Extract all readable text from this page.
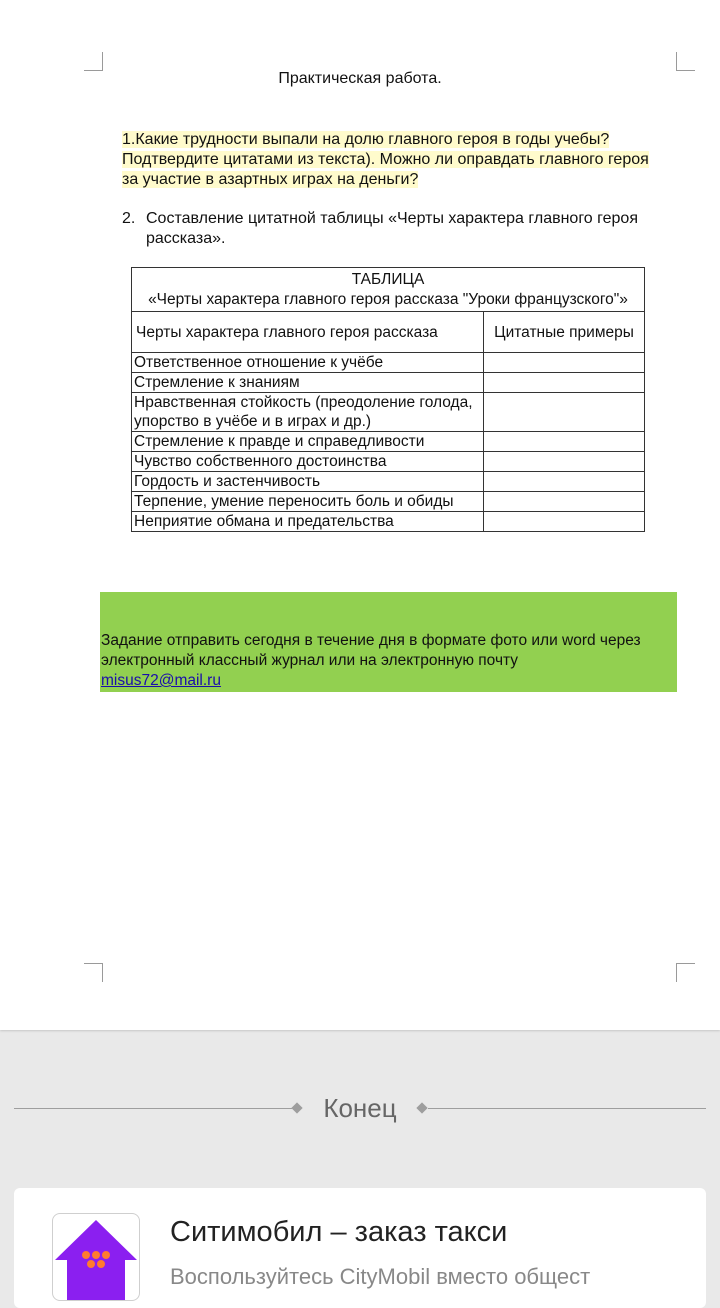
Практическая работа.
1.Какие трудности выпали на долю главного героя в годы учебы? Подтвердите цитатами из текста). Можно ли оправдать главного героя за участие в азартных играх на деньги?
2. Составление цитатной таблицы «Черты характера главного героя рассказа».
ТАБЛИЦА
«Черты характера главного героя рассказа "Уроки французского"»	

Черты характера главного героя рассказа	Цитатные примеры
Ответственное отношение к учёбе	
Стремление к знаниям	
Нравственная стойкость (преодоление голода, упорство в учёбе и в играх и др.)	
Стремление к правде и справедливости	
Чувство собственного достоинства	
Гордость и застенчивость	
Терпение, умение переносить боль и обиды	
Неприятие обмана и предательства	
Задание отправить сегодня в течение дня в формате фото или word через электронный классный журнал или на электронную почту
misus72@mail.ru
Конец
Ситимобил – заказ такси
Воспользуйтесь CityMobil вместо общест
